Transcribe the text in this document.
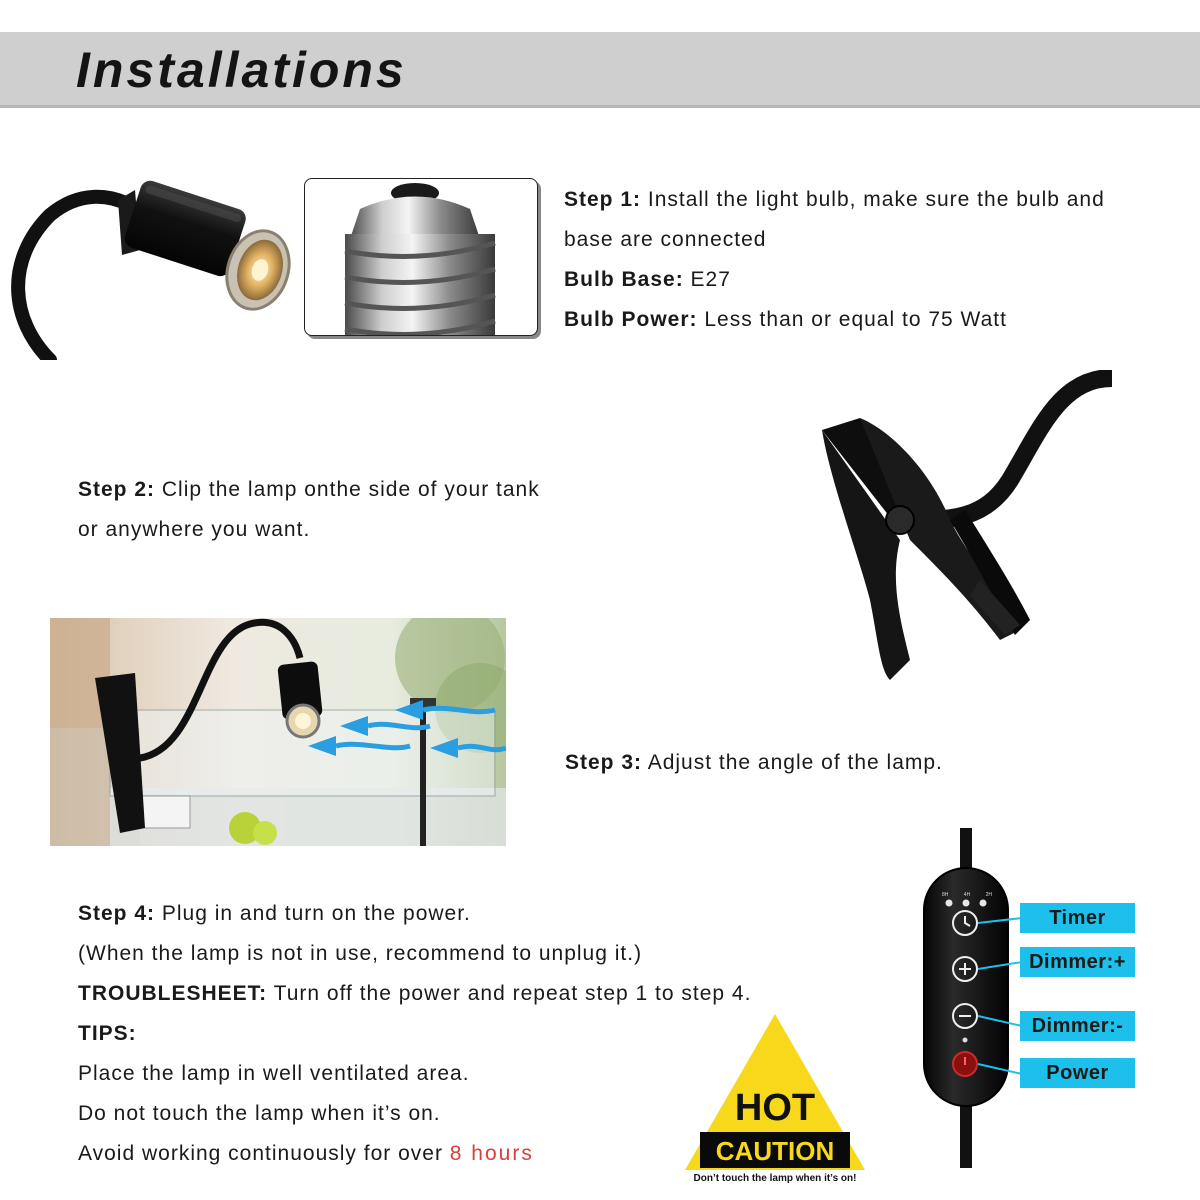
Installations
Step 1: Install the light bulb, make sure the bulb and
base are connected
Bulb Base: E27
Bulb Power: Less than or equal to 75 Watt
Step 2: Clip the lamp onthe side of your tank
or anywhere you want.
Step 3: Adjust the angle of the lamp.
Step 4: Plug in and turn on the power.
(When the lamp is not in use, recommend to unplug it.)
TROUBLESHEET: Turn off the power and repeat step 1 to step 4.
TIPS:
Place the lamp in well ventilated area.
Do not touch the lamp when it’s on.
Avoid working continuously for over 8 hours
HOT
CAUTION
Don’t touch the lamp when it’s on!
8H	4H	2H
Timer
Dimmer:+
Dimmer:-
Power
